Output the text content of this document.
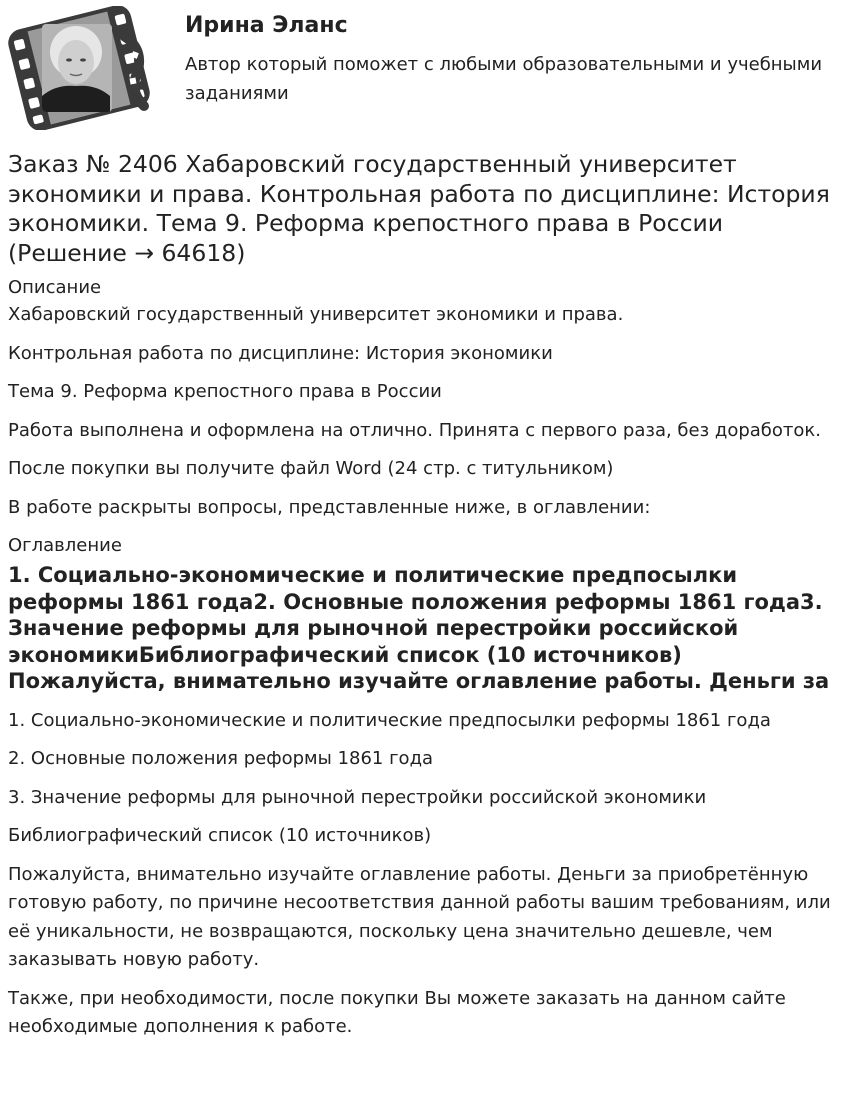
Ирина Эланс
Автор который поможет с любыми образовательными и учебными заданиями
Заказ № 2406 Хабаровский государственный университет экономики и права. Контрольная работа по дисциплине: История экономики. Тема 9. Реформа крепостного права в России (Решение → 64618)

Описание

Хабаровский государственный университет экономики и права.

Контрольная работа по дисциплине: История экономики

Тема 9. Реформа крепостного права в России

Работа выполнена и оформлена на отлично. Принята с первого раза, без доработок.

После покупки вы получите файл Word (24 стр. с титульником)

В работе раскрыты вопросы, представленные ниже, в оглавлении:

Оглавление

1. Социально-экономические и политические предпосылки реформы 1861 года2. Основные положения реформы 1861 года3. Значение реформы для рыночной перестройки российской экономикиБиблиографический список (10 источников) Пожалуйста, внимательно изучайте оглавление работы. Деньги за

1. Социально-экономические и политические предпосылки реформы 1861 года

2. Основные положения реформы 1861 года

3. Значение реформы для рыночной перестройки российской экономики

Библиографический список (10 источников)

Пожалуйста, внимательно изучайте оглавление работы. Деньги за приобретённую готовую работу, по причине несоответствия данной работы вашим требованиям, или её уникальности, не возвращаются, поскольку цена значительно дешевле, чем заказывать новую работу.

Также, при необходимости, после покупки Вы можете заказать на данном сайте необходимые дополнения к работе.
